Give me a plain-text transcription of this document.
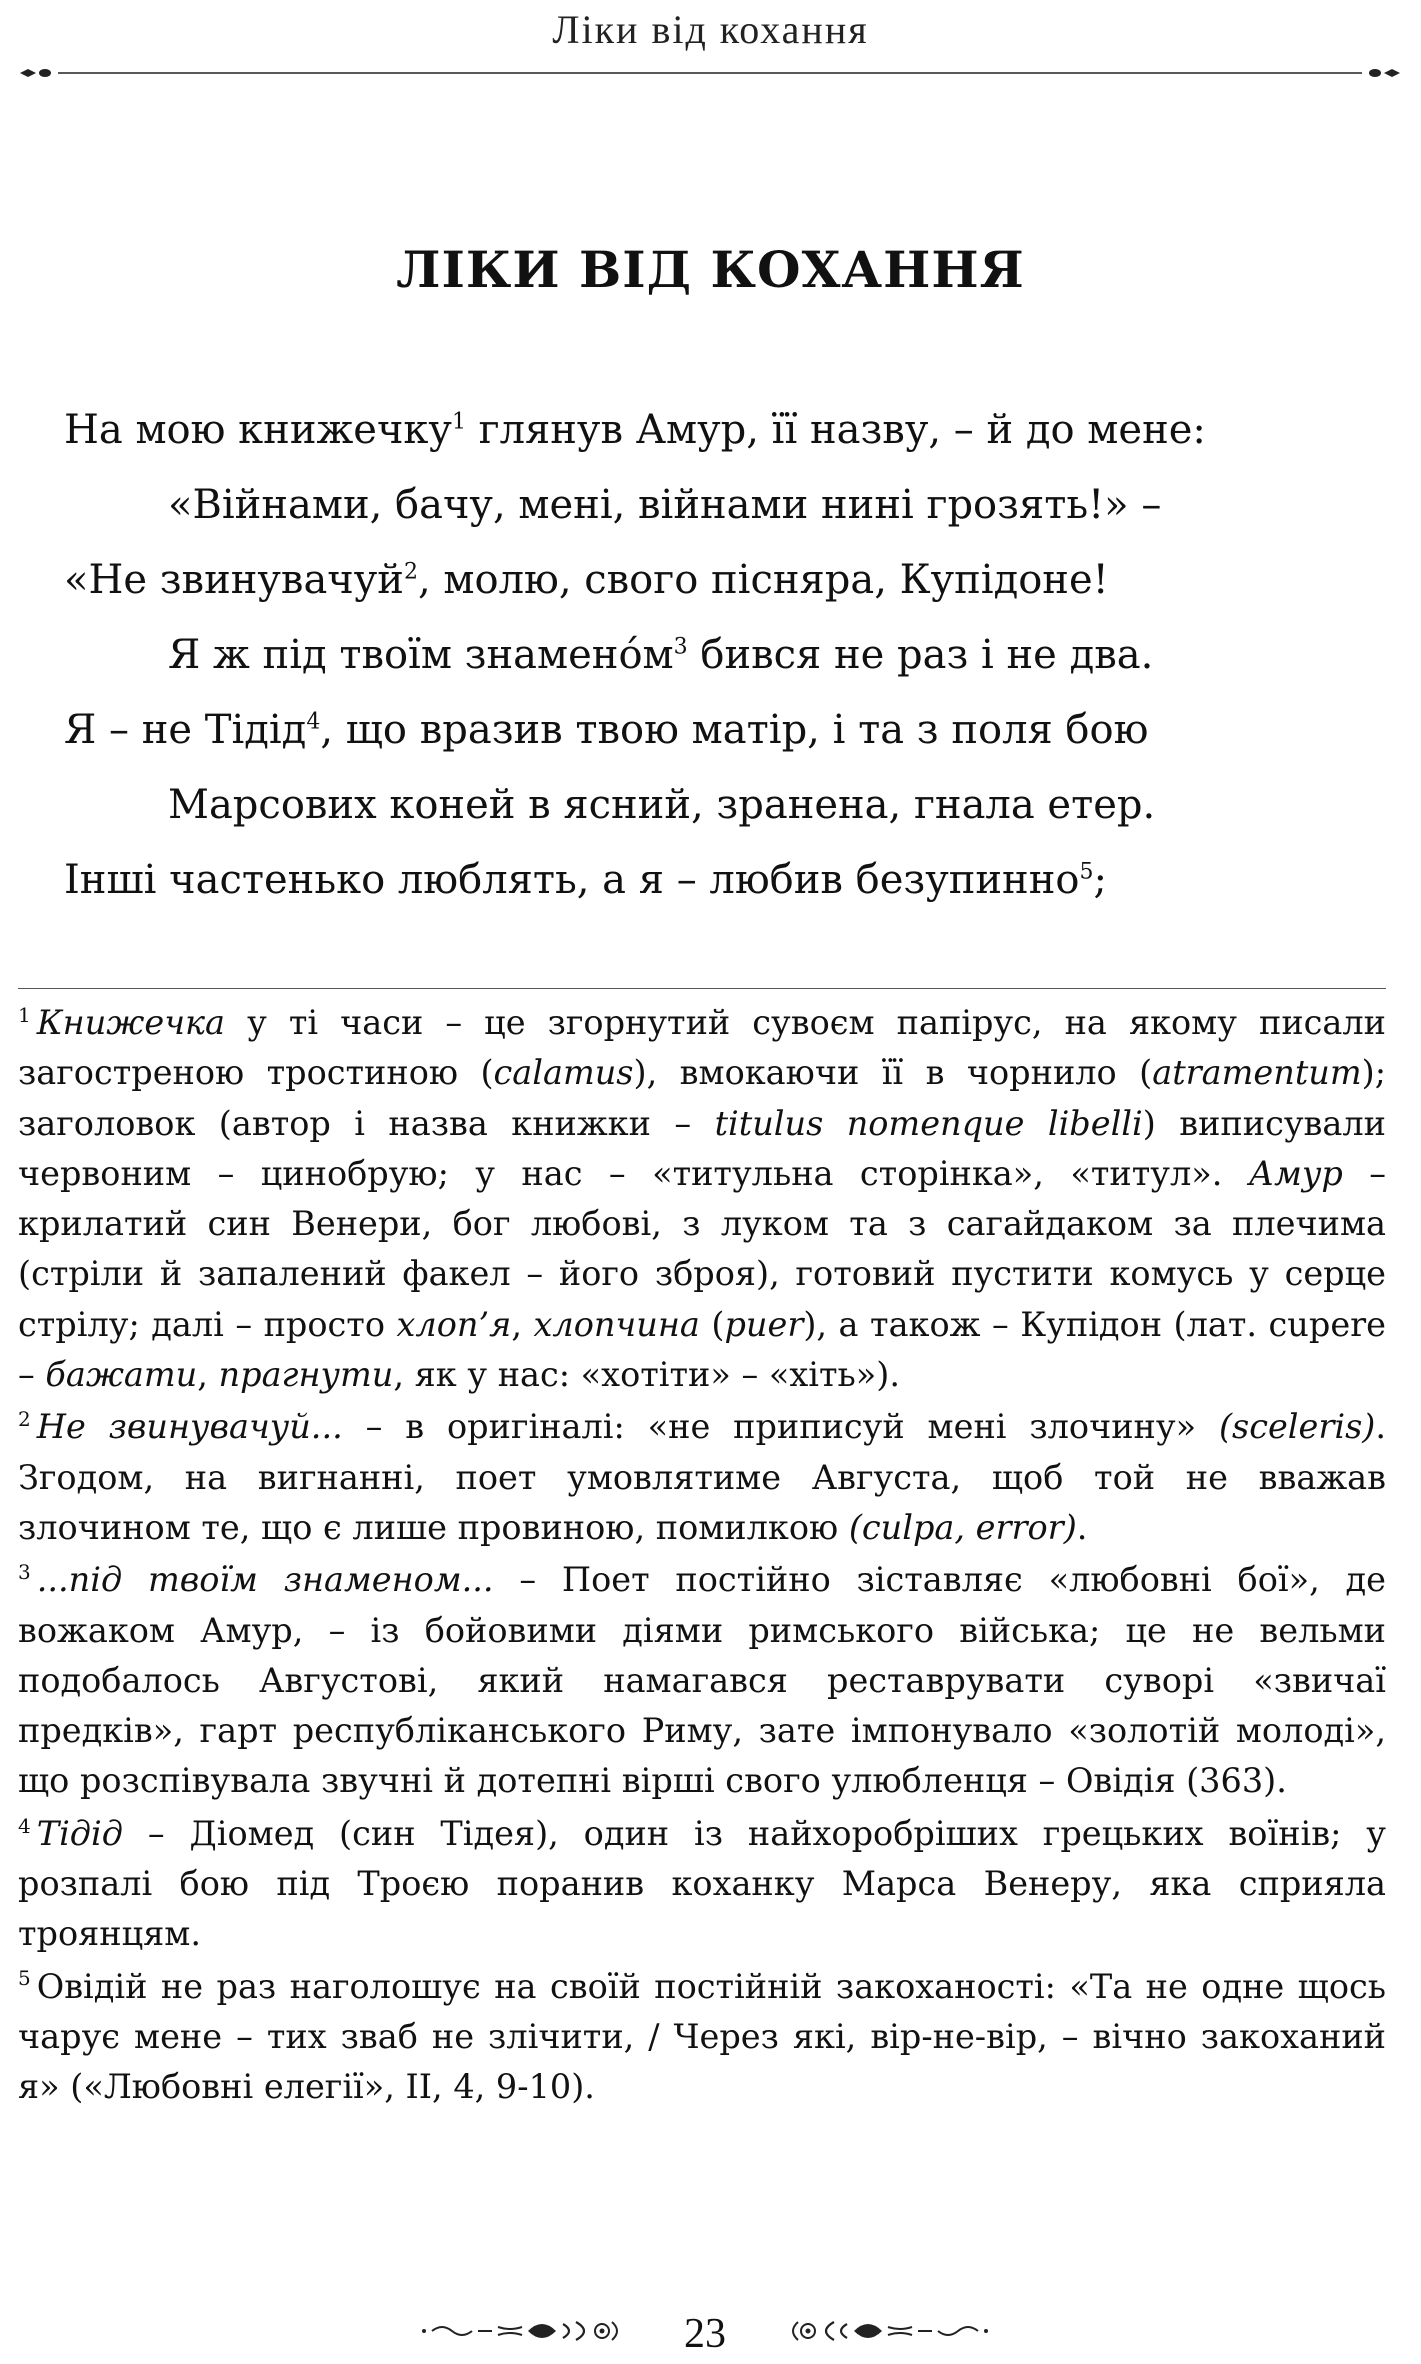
Ліки від кохання
ЛІКИ ВІД КОХАННЯ
На мою книжечку$^1$ глянув Амур, її назву, – й до мене:
«Війнами, бачу, мені, війнами нині грозять!» –
«Не звинувачуй$^2$, молю, свого пісняра, Купідоне!
Я ж під твоїм знаменóм$^3$ бився не раз і не два.
Я – не Тідід$^4$, що вразив твою матір, і та з поля бою
Марсових коней в ясний, зранена, гнала етер.
Інші частенько люблять, а я – любив безупинно$^5$;

$^1$ Книжечка у ті часи – це згорнутий сувоєм папірус, на якому писали загостреною тростиною (calamus), вмокаючи її в чорнило (atramentum); заголовок (автор і назва книжки – titulus nomenque libelli) виписували червоним – цинобрую; у нас – «титульна сторінка», «титул». Амур – крилатий син Венери, бог любові, з луком та з сагайдаком за плечима (стріли й запалений факел – його зброя), готовий пустити комусь у серце стрілу; далі – просто хлоп’я, хлопчина (puer), а також – Купідон (лат. cupere – бажати, прагнути, як у нас: «хотіти» – «хіть»).

$^2$ Не звинувачуй... – в оригіналі: «не приписуй мені злочину» (sceleris). Згодом, на вигнанні, поет умовлятиме Августа, щоб той не вважав злочином те, що є лише провиною, помилкою (culpa, error).

$^3$ ...під твоїм знаменом... – Поет постійно зіставляє «любовні бої», де вожаком Амур, – із бойовими діями римського війська; це не вельми подобалось Августові, який намагався реставрувати суворі «звичаї предків», гарт республіканського Риму, зате імпонувало «золотій молоді», що розспівувала звучні й дотепні вірші свого улюбленця – Овідія (363).

$^4$ Тідід – Діомед (син Тідея), один із найхоробріших грецьких воїнів; у розпалі бою під Троєю поранив коханку Марса Венеру, яка сприяла троянцям.

$^5$ Овідій не раз наголошує на своїй постійній закоханості: «Та не одне щось чарує мене – тих зваб не злічити, / Через які, вір-не-вір, – вічно закоханий я» («Любовні елегії», II, 4, 9-10).

23
